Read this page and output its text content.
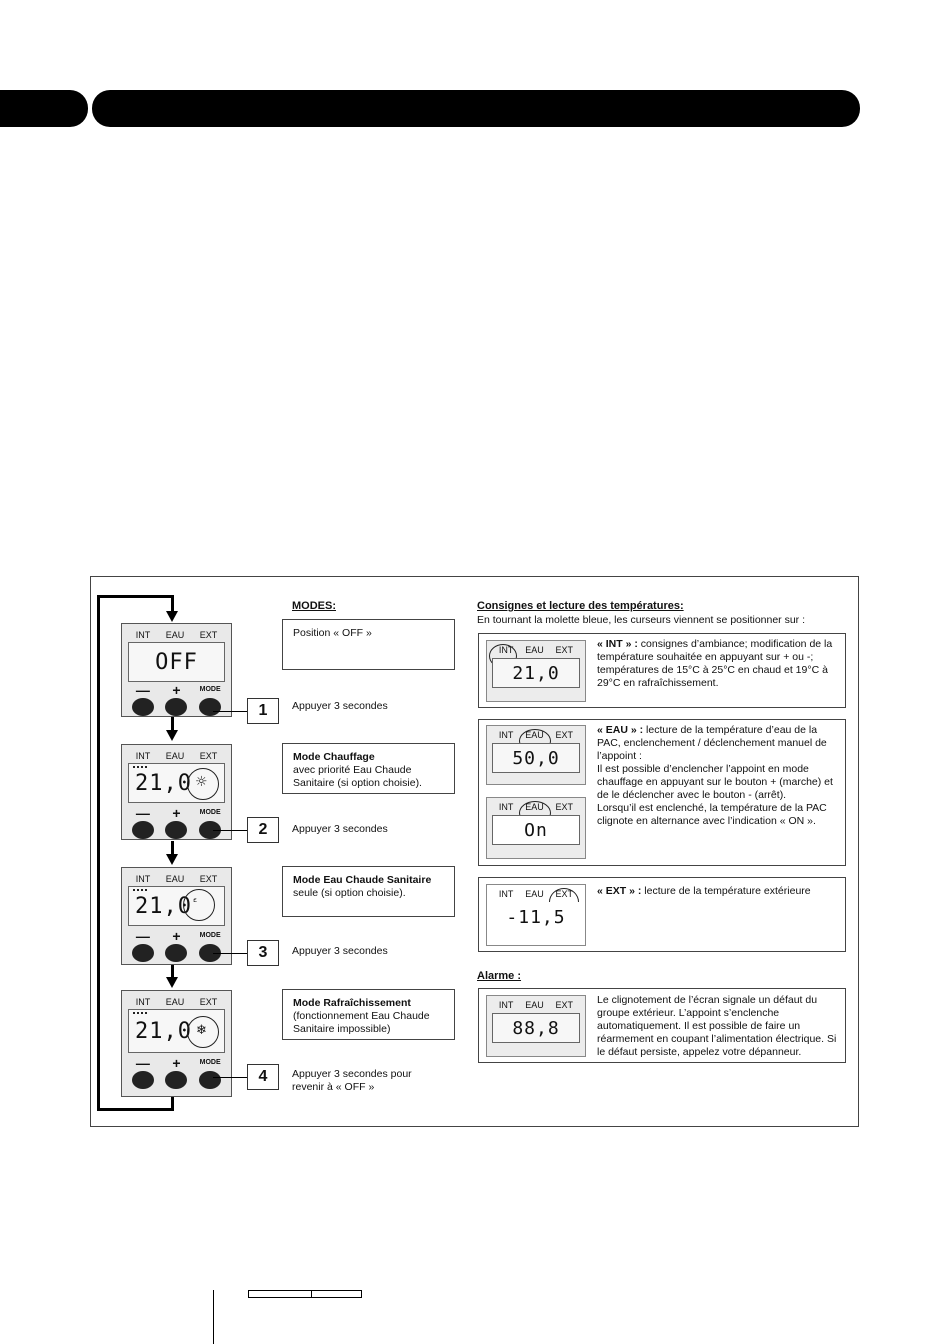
INT EAU EXT
OFF
—	+	MODE
INT EAU EXT
21,0 ☼
—	+	MODE
INT EAU EXT
21,0 ᵋ
—	+	MODE
INT EAU EXT
21,0 ❄
—	+	MODE
1
2
3
4
MODES:
Position « OFF »
Appuyer 3 secondes
Mode Chauffage
avec priorité Eau Chaude Sanitaire (si option choisie).
Appuyer 3 secondes
Mode Eau Chaude Sanitaire
seule (si option choisie).
Appuyer 3 secondes
Mode Rafraîchissement
(fonctionnement Eau Chaude Sanitaire impossible)
Appuyer 3 secondes pour revenir à « OFF »
Consignes et lecture des températures:
En tournant la molette bleue, les curseurs viennent se positionner sur :
INT EAU EXT
21,0
« INT » : consignes d’ambiance; modification de la température souhaitée en appuyant sur + ou -; températures de 15°C à 25°C en chaud et 19°C à 29°C en rafraîchissement.
INT EAU EXT
50,0
INT EAU EXT
On
« EAU » : lecture de la température d’eau de la PAC, enclenchement / déclenchement manuel de l’appoint :
Il est possible d’enclencher l’appoint en mode chauffage en appuyant sur le bouton + (marche) et de le déclencher avec le bouton - (arrêt).
Lorsqu’il est enclenché, la température de la PAC clignote en alternance avec l’indication « ON ».
INT EAU EXT
-11,5
« EXT » : lecture de la température extérieure
Alarme :
INT EAU EXT
88,8
Le clignotement de l’écran signale un défaut du groupe extérieur. L’appoint s’enclenche automatiquement. Il est possible de faire un réarmement en coupant l’alimentation électrique. Si le défaut persiste, appelez votre dépanneur.
